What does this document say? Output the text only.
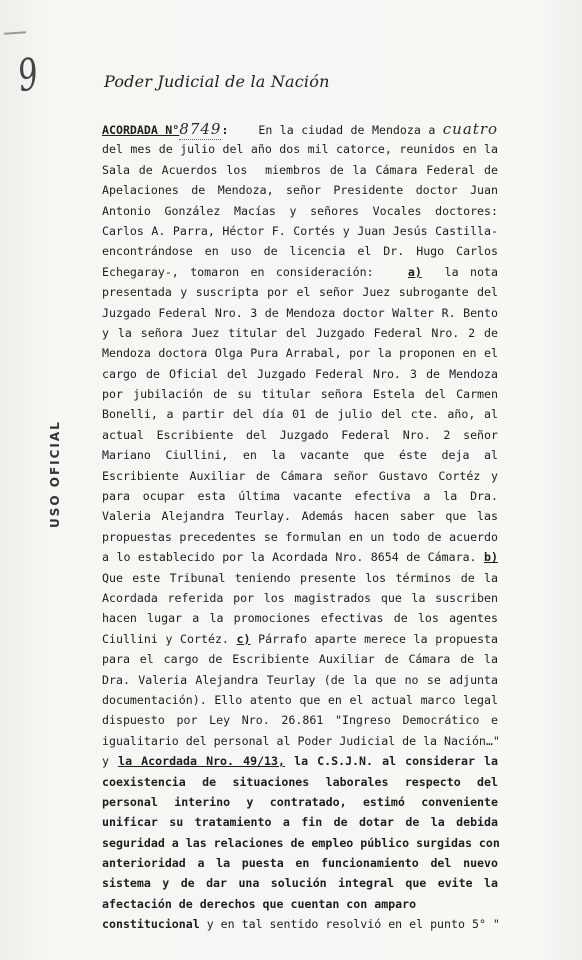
9	Poder Judicial de la Nación
USO OFICIAL
ACORDADA N°8749:	En la ciudad de Mendoza a cuatro
del mes de julio del año dos mil catorce, reunidos en la
Sala de Acuerdos los  miembros de la Cámara Federal de
Apelaciones de Mendoza, señor Presidente doctor Juan
Antonio González Macías y señores Vocales doctores:
Carlos A. Parra, Héctor F. Cortés y Juan Jesús Castilla-
encontrándose en uso de licencia el Dr. Hugo Carlos
Echegaray-, tomaron en consideración:	a) la nota
presentada y suscripta por el señor Juez subrogante del
Juzgado Federal Nro. 3 de Mendoza doctor Walter R. Bento
y la señora Juez titular del Juzgado Federal Nro. 2 de
Mendoza doctora Olga Pura Arrabal, por la proponen en el
cargo de Oficial del Juzgado Federal Nro. 3 de Mendoza
por jubilación de su titular señora Estela del Carmen
Bonelli, a partir del día 01 de julio del cte. año, al
actual Escribiente del Juzgado Federal Nro. 2 señor
Mariano Ciullini, en la vacante que éste deja al
Escribiente Auxiliar de Cámara señor Gustavo Cortéz y
para ocupar esta última vacante efectiva a la Dra.
Valeria Alejandra Teurlay. Además hacen saber que las
propuestas precedentes se formulan en un todo de acuerdo
a lo establecido por la Acordada Nro. 8654 de Cámara. b)
Que este Tribunal teniendo presente los términos de la
Acordada referida por los magistrados que la suscriben
hacen lugar a la promociones efectivas de los agentes
Ciullini y Cortéz. c) Párrafo aparte merece la propuesta
para el cargo de Escribiente Auxiliar de Cámara de la
Dra. Valeria Alejandra Teurlay (de la que no se adjunta
documentación). Ello atento que en el actual marco legal
dispuesto por Ley Nro. 26.861 "Ingreso Democrático e
igualitario del personal al Poder Judicial de la Nación…"
y la Acordada Nro. 49/13, la C.S.J.N. al considerar la
coexistencia de situaciones laborales respecto del
personal interino y contratado, estimó conveniente
unificar su tratamiento a fin de dotar de la debida
seguridad a las relaciones de empleo público surgidas con
anterioridad a la puesta en funcionamiento del nuevo
sistema y de dar una solución integral que evite la
afectación de derechos que cuentan con amparo
constitucional y en tal sentido resolvió en el punto 5° "
